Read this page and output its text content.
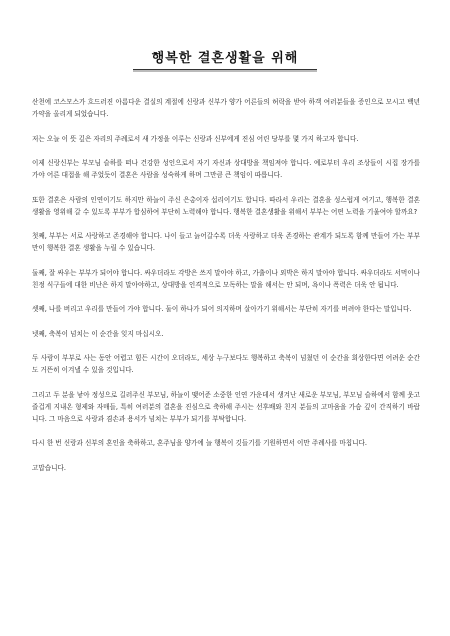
행복한 결혼생활을 위해

산천에 코스모스가 흐드러진 아름다운 결실의 계절에 신랑과 신부가 양가 어른들의 허락을 받아 하객 여러분들을 증인으로 모시고 백년가약을 올리게 되었습니다.

저는 오늘 이 뜻 깊은 자리의 주례로서 새 가정을 이루는 신랑과 신부에게 진심 어린 당부를 몇 가지 하고자 합니다.

이제 신랑신부는 부모님 슬하를 떠나 건강한 성인으로서 자기 자신과 상대방을 책임져야 합니다. 예로부터 우리 조상들이 시집 장가를 가야 어른 대접을 해 주었듯이 결혼은 사람을 성숙하게 하며 그만큼 큰 책임이 따릅니다.

또한 결혼은 사람의 인연이기도 하지만 하늘이 주신 은총이자 섭리이기도 합니다. 따라서 우리는 결혼을 성스럽게 여기고, 행복한 결혼생활을 영위해 갈 수 있도록 부부가 합심하여 부단히 노력해야 합니다. 행복한 결혼생활을 위해서 부부는 어떤 노력을 기울여야 할까요?

첫째, 부부는 서로 사랑하고 존경해야 합니다. 나이 들고 늙어갈수록 더욱 사랑하고 더욱 존경하는 관계가 되도록 함께 만들어 가는 부부만이 행복한 결혼 생활을 누릴 수 있습니다.

둘째, 잘 싸우는 부부가 되어야 합니다. 싸우더라도 각방은 쓰지 말아야 하고, 가출이나 외박은 하지 말아야 합니다. 싸우더라도 서먹이나 친정 식구들에 대한 비난은 하지 말아야하고, 상대방을 인격적으로 모독하는 말을 해서는 안 되며, 욕이나 폭력은 더욱 안 됩니다.

셋째, 나를 버리고 우리를 만들어 가야 합니다. 둘이 하나가 되어 의지하며 살아가기 위해서는 부단히 자기를 버려야 한다는 말입니다.

넷째, 축복이 넘치는 이 순간을 잊지 마십시오.

두 사람이 부부로 사는 동안 어렵고 힘든 시간이 오더라도, 세상 누구보다도 행복하고 축복이 넘쳤던 이 순간을 회상한다면 어려운 순간도 거뜬히 이겨낼 수 있을 것입니다.

그리고 두 분을 낳아 정성으로 길러주신 부모님, 하늘이 맺어준 소중한 인연 가운데서 생겨난 새로운 부모님, 부모님 슬하에서 함께 웃고 즐겁게 지내온 형제와 자매들, 특히 여러분의 결혼을 진심으로 축하해 주시는 선후배와 친지 분들의 고마움을 가슴 깊이 간직하기 바랍니다. 그 마음으로 사랑과 겸손과 용서가 넘치는 부부가 되기를 부탁합니다.

다시 한 번 신랑과 신부의 혼인을 축하하고, 혼주님을 양가에 늘 행복이 깃들기를 기원하면서 이만 주례사를 마칩니다.

고맙습니다.
